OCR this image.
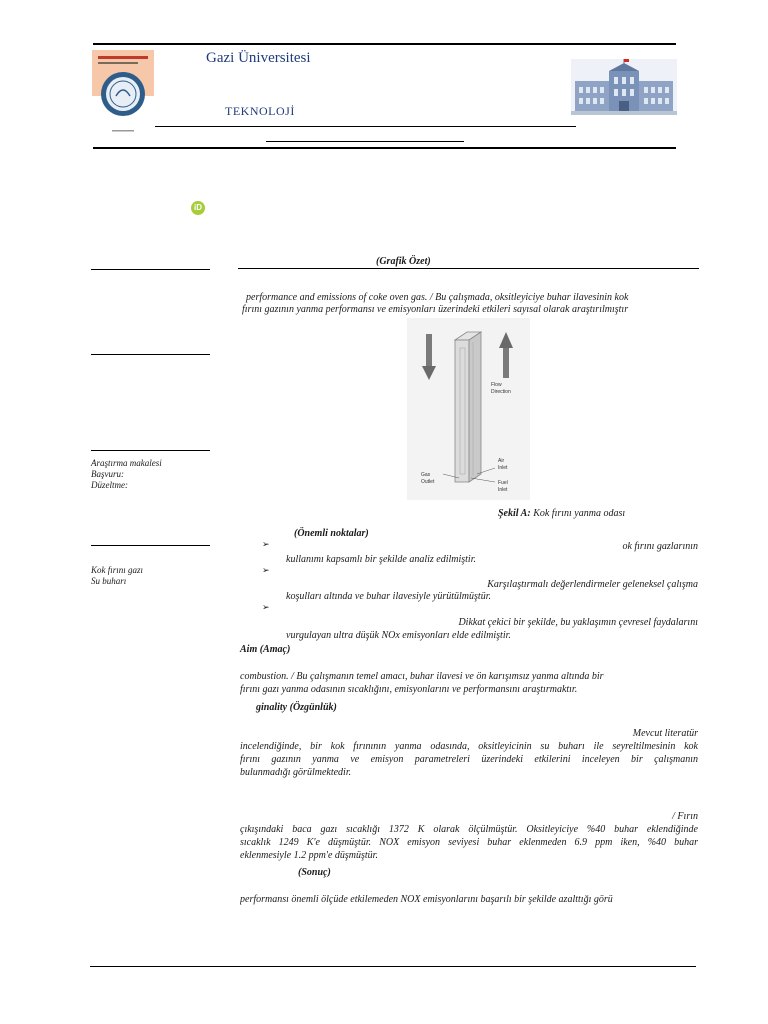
Gazi Üniversitesi
TEKNOLOJİ
iD
Araştırma makalesi
Başvuru:
Düzeltme:
Kok fırını gazı
Su buharı
(Grafik Özet)
performance and emissions of coke oven gas. / Bu çalışmada, oksitleyiciye buhar ilavesinin kok
fırını gazının yanma performansı ve emisyonları üzerindeki etkileri sayısal olarak araştırılmıştır
Flow
Direction
Air
Inlet
Gas
Outlet	Fuel
Inlet
Şekil A: Kok fırını yanma odası
(Önemli noktalar)
➢	ok fırını gazlarının
kullanımı kapsamlı bir şekilde analiz edilmiştir.
➢
Karşılaştırmalı değerlendirmeler geleneksel çalışma
koşulları altında ve buhar ilavesiyle yürütülmüştür.
➢
Dikkat çekici bir şekilde, bu yaklaşımın çevresel faydalarını
vurgulayan ultra düşük NOx emisyonları elde edilmiştir.
Aim (Amaç)
combustion. / Bu çalışmanın temel amacı, buhar ilavesi ve ön karışımsız yanma altında bir
fırını gazı yanma odasının sıcaklığını, emisyonlarını ve performansını araştırmaktır.
ginality (Özgünlük)
Mevcut literatür
incelendiğinde, bir kok fırınının yanma odasında, oksitleyicinin su buharı ile seyreltilmesinin kok
fırını gazının yanma ve emisyon parametreleri üzerindeki etkilerini inceleyen bir çalışmanın
bulunmadığı görülmektedir.
/ Fırın
çıkışındaki baca gazı sıcaklığı 1372 K olarak ölçülmüştür. Oksitleyiciye %40 buhar eklendiğinde
sıcaklık 1249 K'e düşmüştür. NOX emisyon seviyesi buhar eklenmeden 6.9 ppm iken, %40 buhar
eklenmesiyle 1.2 ppm'e düşmüştür.
(Sonuç)
performansı önemli ölçüde etkilemeden NOX emisyonlarını başarılı bir şekilde azalttığı görü
